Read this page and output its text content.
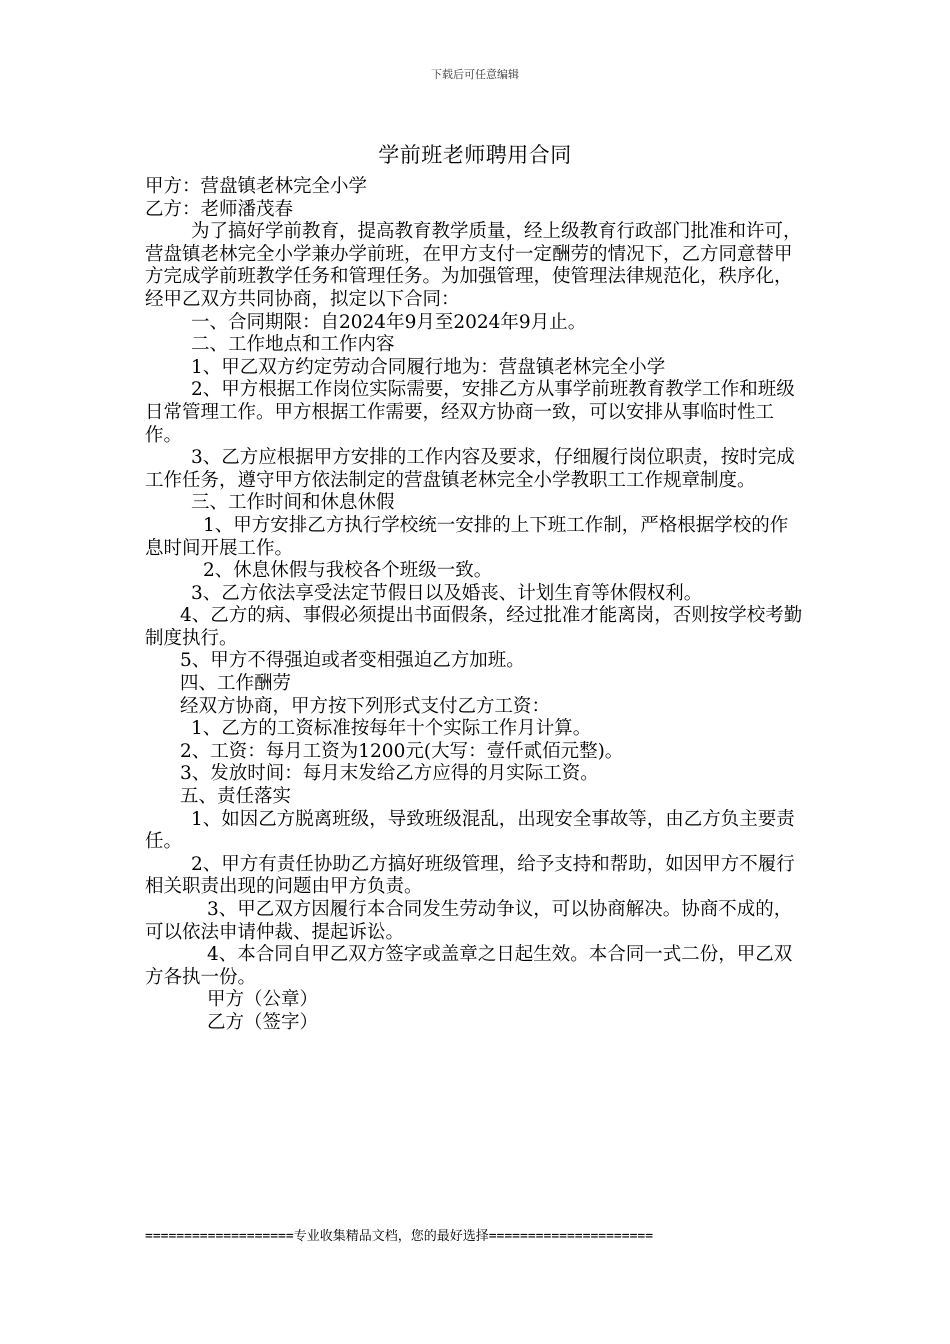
下载后可任意编辑
学前班老师聘用合同

甲方：营盘镇老林完全小学

乙方：老师潘茂春

为了搞好学前教育，提高教育教学质量，经上级教育行政部门批准和许可，营盘镇老林完全小学兼办学前班，在甲方支付一定酬劳的情况下，乙方同意替甲方完成学前班教学任务和管理任务。为加强管理，使管理法律规范化，秩序化，经甲乙双方共同协商，拟定以下合同：

一、合同期限：自2024年9月至2024年9月止。

二、工作地点和工作内容

1、甲乙双方约定劳动合同履行地为：营盘镇老林完全小学

2、甲方根据工作岗位实际需要，安排乙方从事学前班教育教学工作和班级日常管理工作。甲方根据工作需要，经双方协商一致，可以安排从事临时性工作。

3、乙方应根据甲方安排的工作内容及要求，仔细履行岗位职责，按时完成工作任务，遵守甲方依法制定的营盘镇老林完全小学教职工工作规章制度。

三、工作时间和休息休假

1、甲方安排乙方执行学校统一安排的上下班工作制，严格根据学校的作息时间开展工作。

2、休息休假与我校各个班级一致。

3、乙方依法享受法定节假日以及婚丧、计划生育等休假权利。

4、乙方的病、事假必须提出书面假条，经过批准才能离岗，否则按学校考勤制度执行。

5、甲方不得强迫或者变相强迫乙方加班。

四、工作酬劳

经双方协商，甲方按下列形式支付乙方工资：

1、乙方的工资标准按每年十个实际工作月计算。

2、工资：每月工资为1200元(大写：壹仟贰佰元整)。

3、发放时间：每月末发给乙方应得的月实际工资。

五、责任落实

1、如因乙方脱离班级，导致班级混乱，出现安全事故等，由乙方负主要责任。

2、甲方有责任协助乙方搞好班级管理，给予支持和帮助，如因甲方不履行相关职责出现的问题由甲方负责。

3、甲乙双方因履行本合同发生劳动争议，可以协商解决。协商不成的，可以依法申请仲裁、提起诉讼。

4、本合同自甲乙双方签字或盖章之日起生效。本合同一式二份，甲乙双方各执一份。

甲方（公章）

乙方（签字）

===================专业收集精品文档，您的最好选择=====================
